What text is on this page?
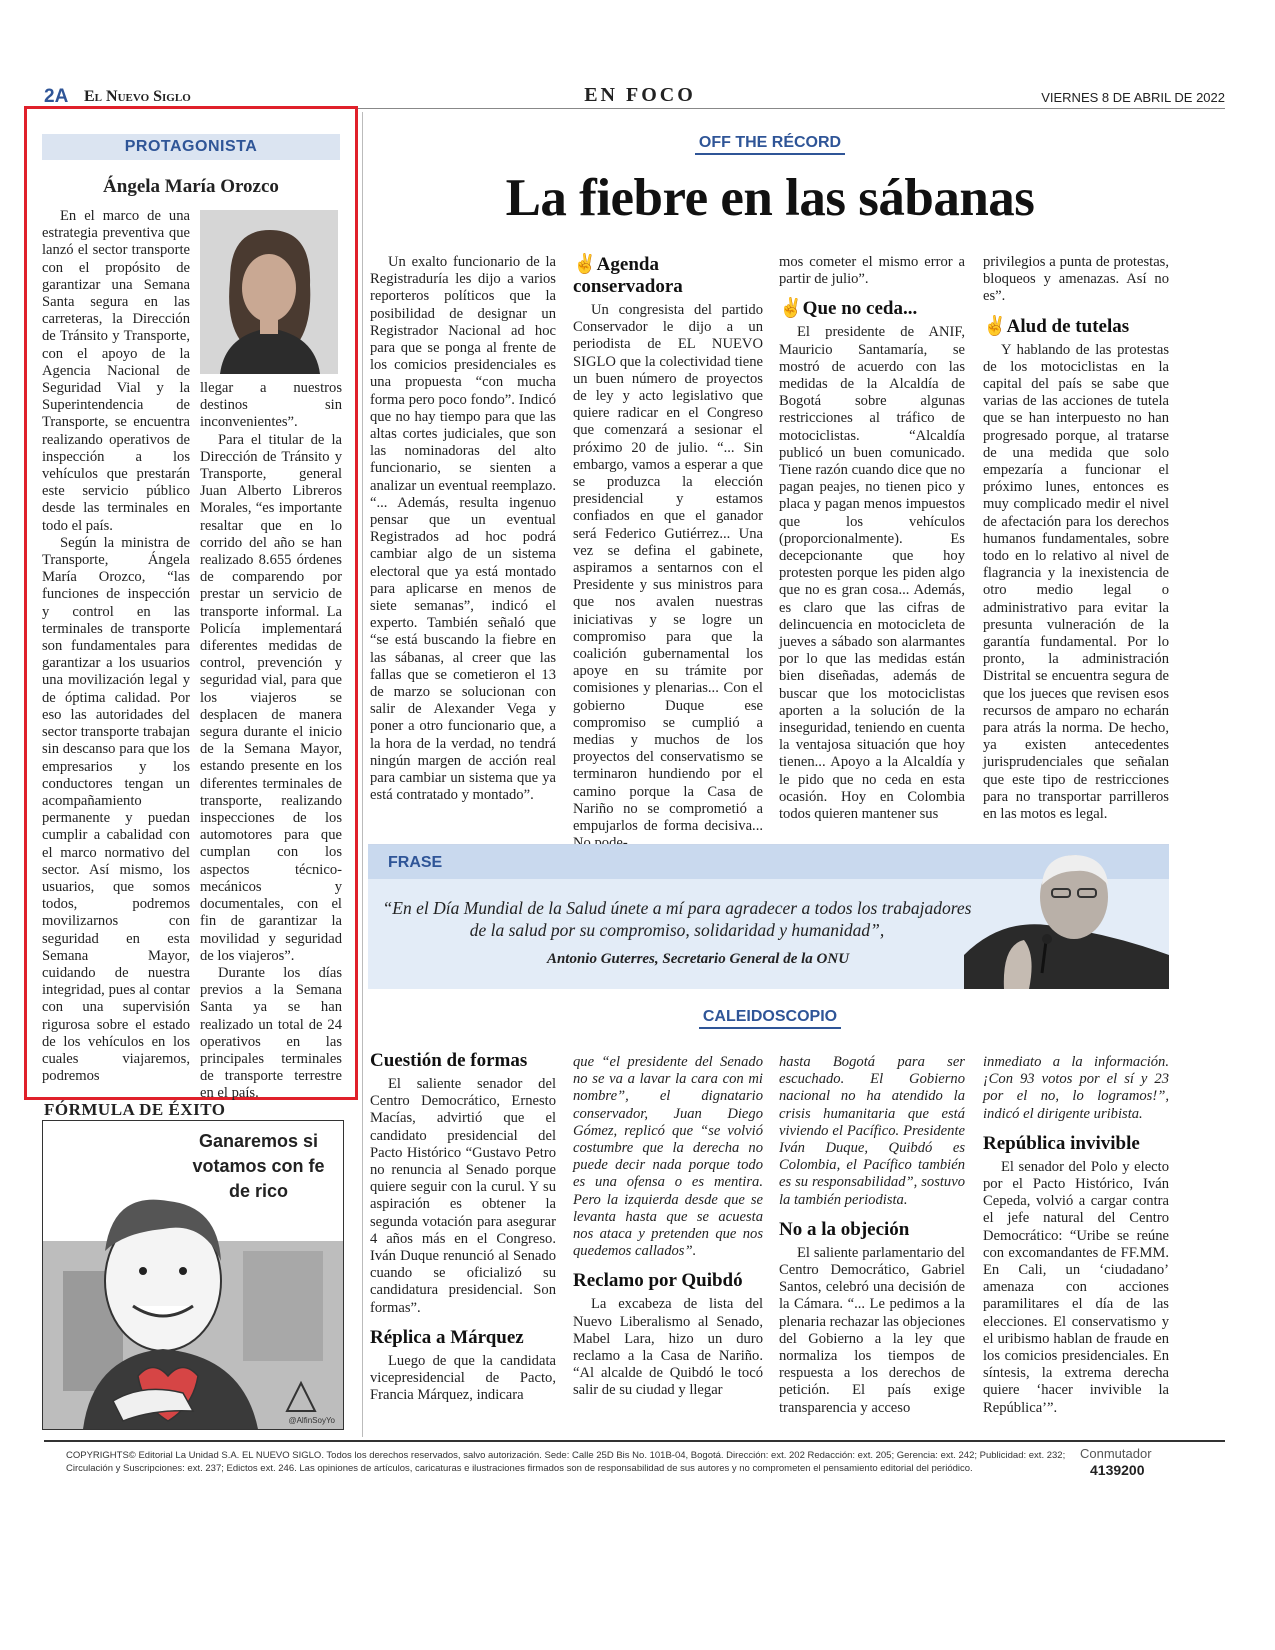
2A El Nuevo Siglo	EN FOCO	VIERNES 8 DE ABRIL DE 2022
PROTAGONISTA
Ángela María Orozco

En el marco de una estrategia preventiva que lanzó el sector transporte con el propósito de garantizar una Semana Santa segura en las carreteras, la Dirección de Tránsito y Transporte, con el apoyo de la Agencia Nacional de Seguridad Vial y la Superintendencia de Transporte, se encuentra realizando operativos de inspección a los vehículos que prestarán este servicio público desde las terminales en todo el país.

Según la ministra de Transporte, Ángela María Orozco, “las funciones de inspección y control en las terminales de transporte son fundamentales para garantizar a los usuarios una movilización legal y de óptima calidad. Por eso las autoridades del sector transporte trabajan sin descanso para que los empresarios y los conductores tengan un acompañamiento permanente y puedan cumplir a cabalidad con el marco normativo del sector. Así mismo, los usuarios, que somos todos, podremos movilizarnos con seguridad en esta Semana Mayor, cuidando de nuestra integridad, pues al contar con una supervisión rigurosa sobre el estado de los vehículos en los cuales viajaremos, podremos

llegar a nuestros destinos sin inconvenientes”.

Para el titular de la Dirección de Tránsito y Transporte, general Juan Alberto Libreros Morales, “es importante resaltar que en lo corrido del año se han realizado 8.655 órdenes de comparendo por prestar un servicio de transporte informal. La Policía implementará diferentes medidas de control, prevención y seguridad vial, para que los viajeros se desplacen de manera segura durante el inicio de la Semana Mayor, estando presente en los diferentes terminales de transporte, realizando inspecciones de los automotores para que cumplan con los aspectos técnico-mecánicos y documentales, con el fin de garantizar la movilidad y seguridad de los viajeros”.

Durante los días previos a la Semana Santa ya se han realizado un total de 24 operativos en las principales terminales de transporte terrestre en el país.

FÓRMULA DE ÉXITO
Ganaremos si votamos con fe de rico
@AlfinSoyYo
OFF THE RÉCORD
La fiebre en las sábanas

Un exalto funcionario de la Registraduría les dijo a varios reporteros políticos que la posibilidad de designar un Registrador Nacional ad hoc para que se ponga al frente de los comicios presidenciales es una propuesta “con mucha forma pero poco fondo”. Indicó que no hay tiempo para que las altas cortes judiciales, que son las nominadoras del alto funcionario, se sienten a analizar un eventual reemplazo. “... Además, resulta ingenuo pensar que un eventual Registrados ad hoc podrá cambiar algo de un sistema electoral que ya está montado para aplicarse en menos de siete semanas”, indicó el experto. También señaló que “se está buscando la fiebre en las sábanas, al creer que las fallas que se cometieron el 13 de marzo se solucionan con salir de Alexander Vega y poner a otro funcionario que, a la hora de la verdad, no tendrá ningún margen de acción real para cambiar un sistema que ya está contratado y montado”.

✌Agenda conservadora

Un congresista del partido Conservador le dijo a un periodista de EL NUEVO SIGLO que la colectividad tiene un buen número de proyectos de ley y acto legislativo que quiere radicar en el Congreso que comenzará a sesionar el próximo 20 de julio. “... Sin embargo, vamos a esperar a que se produzca la elección presidencial y estamos confiados en que el ganador será Federico Gutiérrez... Una vez se defina el gabinete, aspiramos a sentarnos con el Presidente y sus ministros para que nos avalen nuestras iniciativas y se logre un compromiso para que la coalición gubernamental los apoye en su trámite por comisiones y plenarias... Con el gobierno Duque ese compromiso se cumplió a medias y muchos de los proyectos del conservatismo se terminaron hundiendo por el camino porque la Casa de Nariño no se comprometió a empujarlos de forma decisiva...

mos cometer el mismo error a partir de julio”.

✌Que no ceda...

El presidente de ANIF, Mauricio Santamaría, se mostró de acuerdo con las medidas de la Alcaldía de Bogotá sobre algunas restricciones al tráfico de motociclistas. “Alcaldía publicó un buen comunicado. Tiene razón cuando dice que no pagan peajes, no tienen pico y placa y pagan menos impuestos que los vehículos (proporcionalmente). Es decepcionante que hoy protesten porque les piden algo que no es gran cosa... Además, es claro que las cifras de delincuencia en motocicleta de jueves a sábado son alarmantes por lo que las medidas están bien diseñadas, además de buscar que los motociclistas aporten a la solución de la inseguridad, teniendo en cuenta la ventajosa situación que hoy tienen... Apoyo a la Alcaldía y le pido que no ceda en esta ocasión. Hoy en Colombia todos quieren mantener sus

privilegios a punta de protestas, bloqueos y amenazas. Así no es”.

✌Alud de tutelas

Y hablando de las protestas de los motociclistas en la capital del país se sabe que varias de las acciones de tutela que se han interpuesto no han progresado porque, al tratarse de una medida que solo empezaría a funcionar el próximo lunes, entonces es muy complicado medir el nivel de afectación para los derechos humanos fundamentales, sobre todo en lo relativo al nivel de flagrancia y la inexistencia de otro medio legal o administrativo para evitar la presunta vulneración de la garantía fundamental. Por lo pronto, la administración Distrital se encuentra segura de que los jueces que revisen esos recursos de amparo no echarán para atrás la norma. De hecho, ya existen antecedentes jurisprudenciales que señalan que este tipo de restricciones para no transportar parrilleros en las motos es legal.

FRASE
“En el Día Mundial de la Salud únete a mí para agradecer a todos los trabajadores de la salud por su compromiso, solidaridad y humanidad”,
Antonio Guterres, Secretario General de la ONU
CALEIDOSCOPIO
Cuestión de formas

El saliente senador del Centro Democrático, Ernesto Macías, advirtió que el candidato presidencial del Pacto Histórico “Gustavo Petro no renuncia al Senado porque quiere seguir con la curul. Y su aspiración es obtener la segunda votación para asegurar 4 años más en el Congreso. Iván Duque renunció al Senado cuando se oficializó su candidatura presidencial. Son formas”.

Réplica a Márquez

Luego de que la candidata vicepresidencial de Pacto, Francia Márquez, indicara

que “el presidente del Senado no se va a lavar la cara con mi nombre”, el dignatario conservador, Juan Diego Gómez, replicó que “se volvió costumbre que la derecha no puede decir nada porque todo es una ofensa o es mentira. Pero la izquierda desde que se levanta hasta que se acuesta nos ataca y pretenden que nos quedemos callados”.

Reclamo por Quibdó

La excabeza de lista del Nuevo Liberalismo al Senado, Mabel Lara, hizo un duro reclamo a la Casa de Nariño. “Al alcalde de Quibdó le tocó salir de su ciudad y llegar

hasta Bogotá para ser escuchado. El Gobierno nacional no ha atendido la crisis humanitaria que está viviendo el Pacífico. Presidente Iván Duque, Quibdó es Colombia, el Pacífico también es su responsabilidad”, sostuvo la también periodista.

No a la objeción

El saliente parlamentario del Centro Democrático, Gabriel Santos, celebró una decisión de la Cámara. “... Le pedimos a la plenaria rechazar las objeciones del Gobierno a la ley que normaliza los tiempos de respuesta a los derechos de petición. El país exige transparencia y acceso

inmediato a la información. ¡Con 93 votos por el sí y 23 por el no, lo logramos!”, indicó el dirigente uribista.

República invivible

El senador del Polo y electo por el Pacto Histórico, Iván Cepeda, volvió a cargar contra el jefe natural del Centro Democrático: “Uribe se reúne con excomandantes de FF.MM. En Cali, un ‘ciudadano’ amenaza con acciones paramilitares el día de las elecciones. El conservatismo y el uribismo hablan de fraude en los comicios presidenciales. En síntesis, la extrema derecha quiere ‘hacer invivible la República’”.

COPYRIGHTS© Editorial La Unidad S.A. EL NUEVO SIGLO. Todos los derechos reservados, salvo autorización. Sede: Calle 25D Bis No. 101B-04, Bogotá. Dirección: ext. 202 Redacción: ext. 205; Gerencia: ext. 242; Publicidad: ext. 232; Circulación y Suscripciones: ext. 237; Edictos ext. 246. Las opiniones de artículos, caricaturas e ilustraciones firmados son de responsabilidad de sus autores y no comprometen el pensamiento editorial del periódico.
Conmutador
4139200
